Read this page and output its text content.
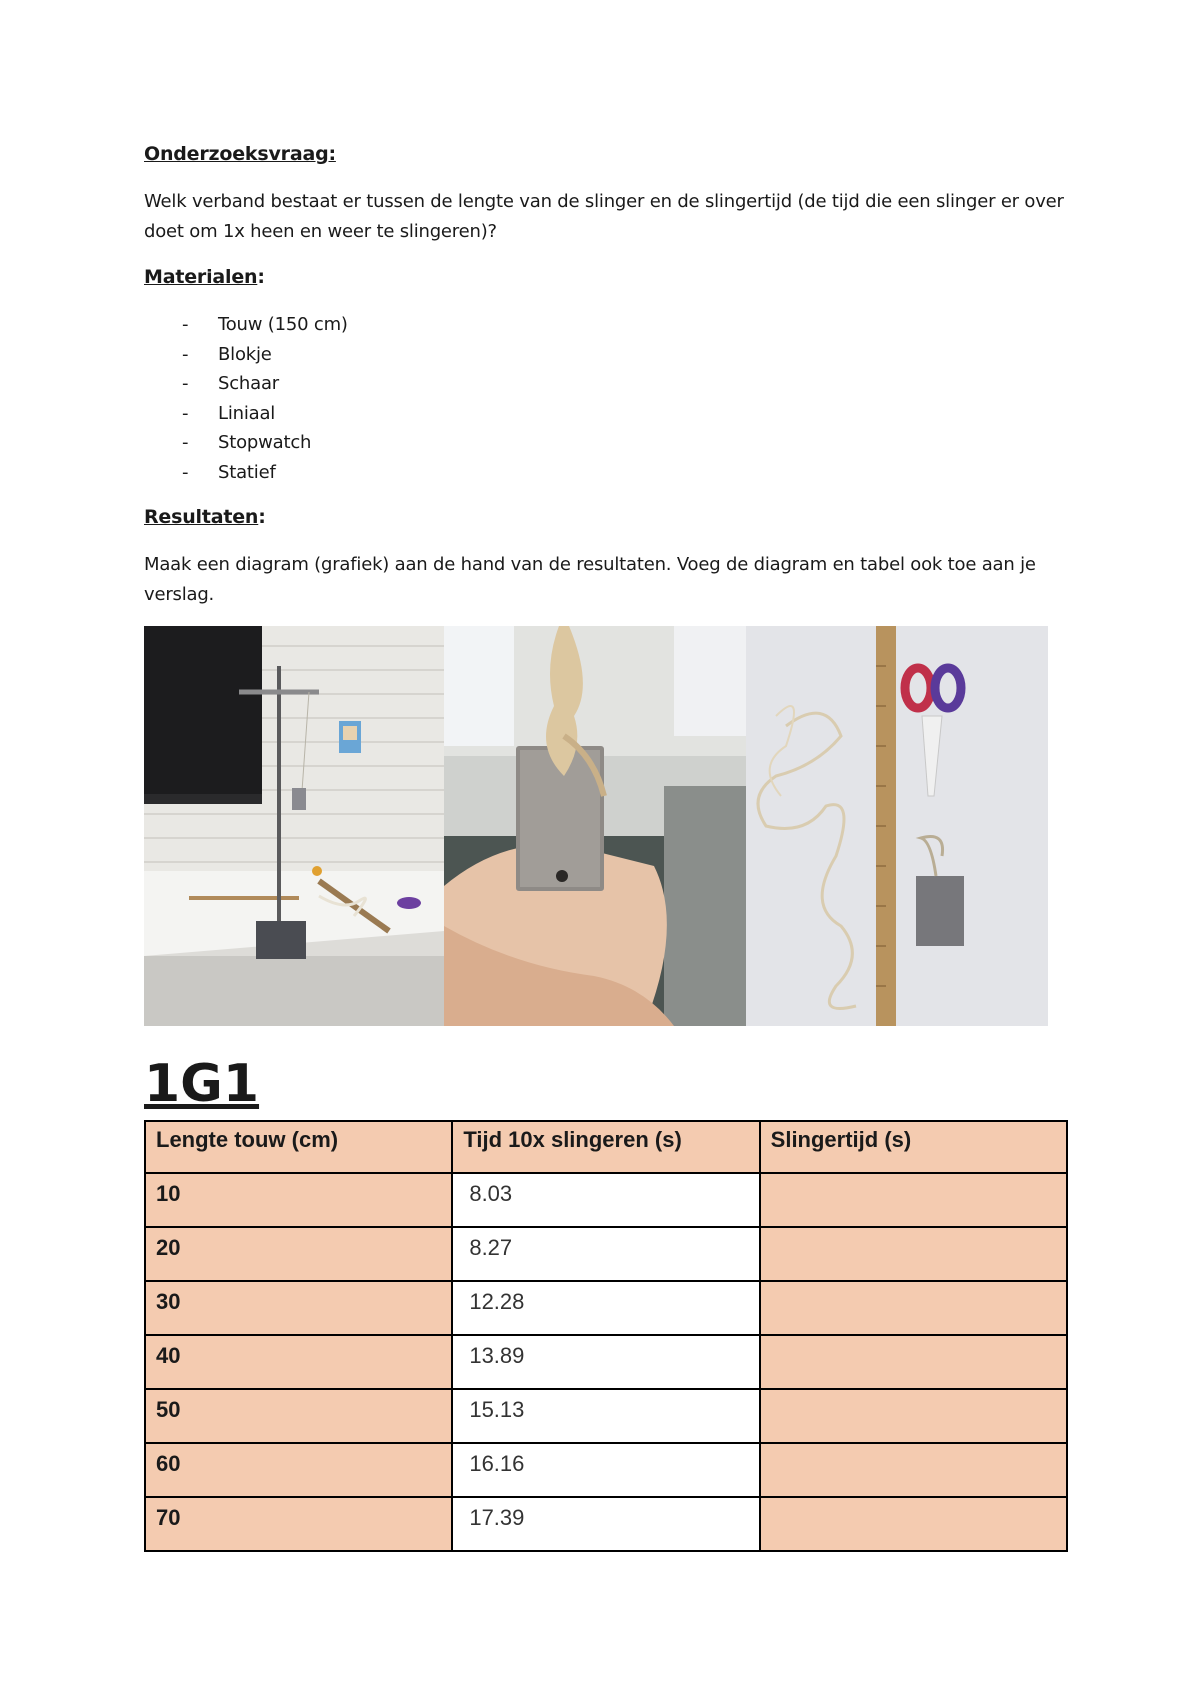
Onderzoeksvraag:
Welk verband bestaat er tussen de lengte van de slinger en de slingertijd (de tijd die een slinger er over doet om 1x heen en weer te slingeren)?
Materialen:
- Touw (150 cm)
- Blokje
- Schaar
- Liniaal
- Stopwatch
- Statief
Resultaten:
Maak een diagram (grafiek) aan de hand van de resultaten. Voeg de diagram en tabel ook toe aan je verslag.
1G1
Lengte touw (cm)	Tijd 10x slingeren (s)	Slingertijd (s)
10	8.03	
20	8.27	
30	12.28	
40	13.89	
50	15.13	
60	16.16	
70	17.39	
